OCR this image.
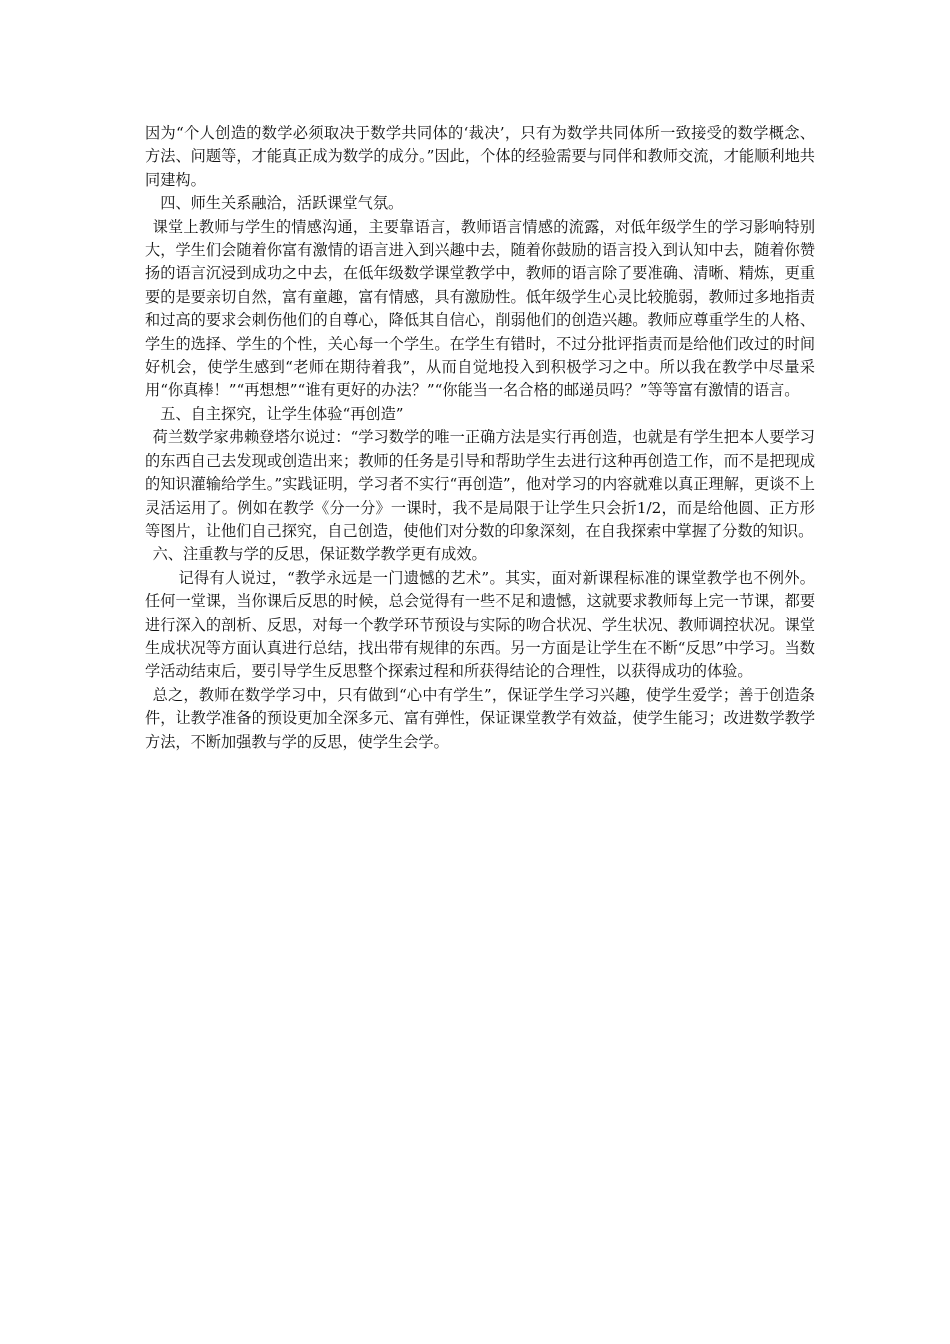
因为“个人创造的数学必须取决于数学共同体的‘裁决’，只有为数学共同体所一致接受的数学概念、方法、问题等，才能真正成为数学的成分。”因此，个体的经验需要与同伴和教师交流，才能顺利地共同建构。

四、师生关系融洽，活跃课堂气氛。

课堂上教师与学生的情感沟通，主要靠语言，教师语言情感的流露，对低年级学生的学习影响特别大，学生们会随着你富有激情的语言进入到兴趣中去，随着你鼓励的语言投入到认知中去，随着你赞扬的语言沉浸到成功之中去，在低年级数学课堂教学中，教师的语言除了要准确、清晰、精炼，更重要的是要亲切自然，富有童趣，富有情感，具有激励性。低年级学生心灵比较脆弱，教师过多地指责和过高的要求会刺伤他们的自尊心，降低其自信心，削弱他们的创造兴趣。教师应尊重学生的人格、学生的选择、学生的个性，关心每一个学生。在学生有错时，不过分批评指责而是给他们改过的时间好机会，使学生感到“老师在期待着我”，从而自觉地投入到积极学习之中。所以我在教学中尽量采用“你真棒！”“再想想”“谁有更好的办法？”“你能当一名合格的邮递员吗？”等等富有激情的语言。

五、自主探究，让学生体验“再创造”

荷兰数学家弗赖登塔尔说过：“学习数学的唯一正确方法是实行再创造，也就是有学生把本人要学习的东西自己去发现或创造出来；教师的任务是引导和帮助学生去进行这种再创造工作，而不是把现成的知识灌输给学生。”实践证明，学习者不实行“再创造”，他对学习的内容就难以真正理解，更谈不上灵活运用了。例如在教学《分一分》一课时，我不是局限于让学生只会折1/2，而是给他圆、正方形等图片，让他们自己探究，自己创造，使他们对分数的印象深刻，在自我探索中掌握了分数的知识。

六、注重教与学的反思，保证数学教学更有成效。

记得有人说过，“教学永远是一门遗憾的艺术”。其实，面对新课程标准的课堂教学也不例外。任何一堂课，当你课后反思的时候，总会觉得有一些不足和遗憾，这就要求教师每上完一节课，都要进行深入的剖析、反思，对每一个教学环节预设与实际的吻合状况、学生状况、教师调控状况。课堂生成状况等方面认真进行总结，找出带有规律的东西。另一方面是让学生在不断“反思”中学习。当数学活动结束后，要引导学生反思整个探索过程和所获得结论的合理性，以获得成功的体验。

总之，教师在数学学习中，只有做到“心中有学生”，保证学生学习兴趣，使学生爱学；善于创造条件，让教学准备的预设更加全深多元、富有弹性，保证课堂教学有效益，使学生能习；改进数学教学方法，不断加强教与学的反思，使学生会学。
